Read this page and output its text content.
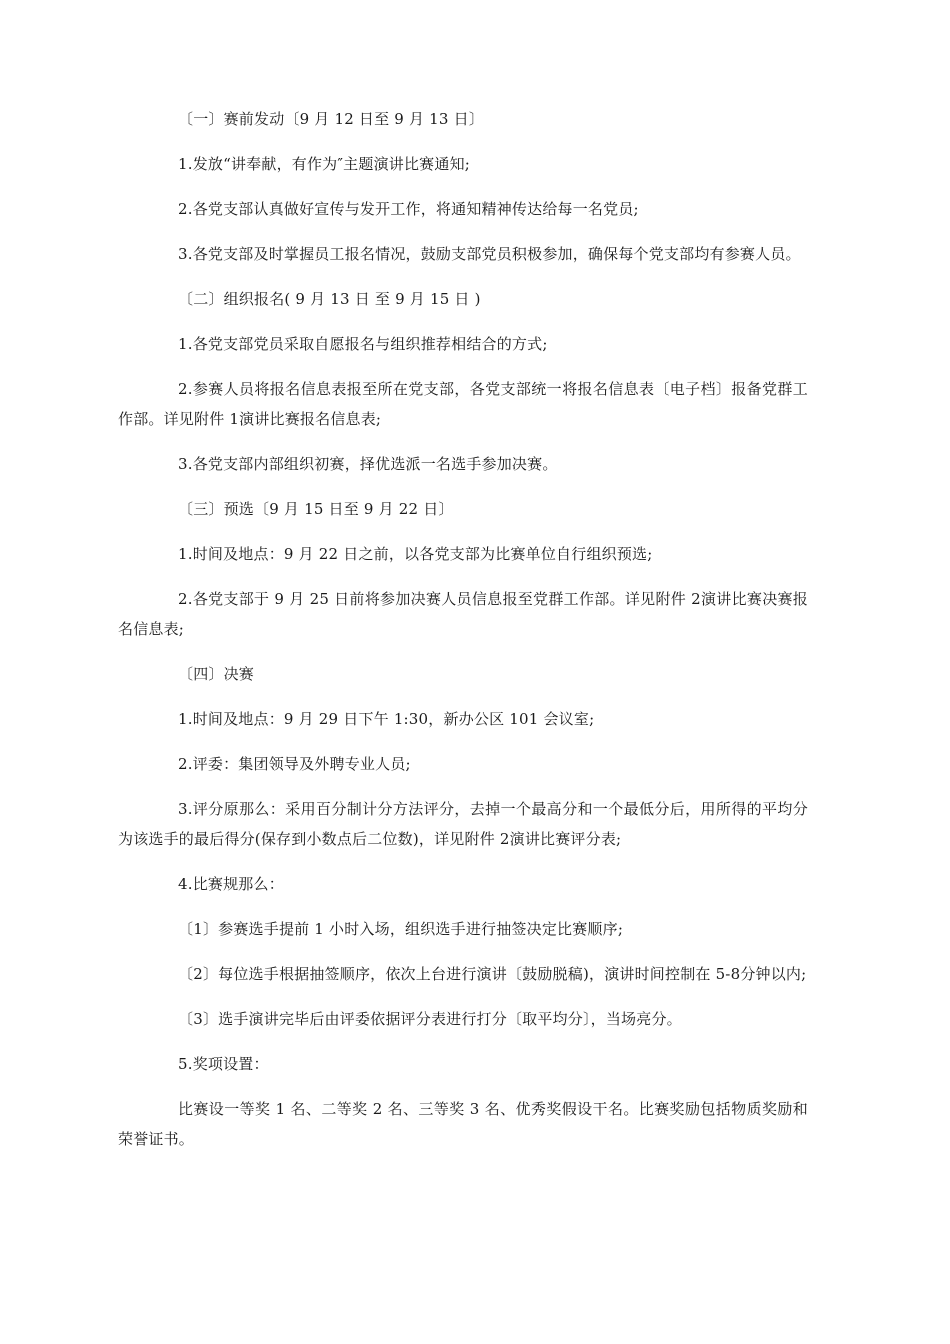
〔一〕赛前发动〔9 月 12 日至 9 月 13 日〕

1.发放“讲奉献，有作为″主题演讲比赛通知;

2.各党支部认真做好宣传与发开工作，将通知精神传达给每一名党员;

3.各党支部及时掌握员工报名情况，鼓励支部党员积极参加，确保每个党支部均有参赛人员。

〔二〕组织报名( 9 月 13 日 至 9 月 15 日 )

1.各党支部党员采取自愿报名与组织推荐相结合的方式;

2.参赛人员将报名信息表报至所在党支部，各党支部统一将报名信息表〔电子档〕报备党群工作部。详见附件 1演讲比赛报名信息表;

3.各党支部内部组织初赛，择优选派一名选手参加决赛。

〔三〕预选〔9 月 15 日至 9 月 22 日〕

1.时间及地点：9 月 22 日之前，以各党支部为比赛单位自行组织预选;

2.各党支部于 9 月 25 日前将参加决赛人员信息报至党群工作部。详见附件 2演讲比赛决赛报名信息表;

〔四〕决赛

1.时间及地点：9 月 29 日下午 1:30，新办公区 101 会议室;

2.评委：集团领导及外聘专业人员;

3.评分原那么：采用百分制计分方法评分，去掉一个最高分和一个最低分后，用所得的平均分为该选手的最后得分(保存到小数点后二位数)，详见附件 2演讲比赛评分表;

4.比赛规那么：

〔1〕参赛选手提前 1 小时入场，组织选手进行抽签决定比赛顺序;

〔2〕每位选手根据抽签顺序，依次上台进行演讲〔鼓励脱稿)，演讲时间控制在 5-8分钟以内;

〔3〕选手演讲完毕后由评委依据评分表进行打分〔取平均分〕，当场亮分。

5.奖项设置：

比赛设一等奖 1 名、二等奖 2 名、三等奖 3 名、优秀奖假设干名。比赛奖励包括物质奖励和荣誉证书。
